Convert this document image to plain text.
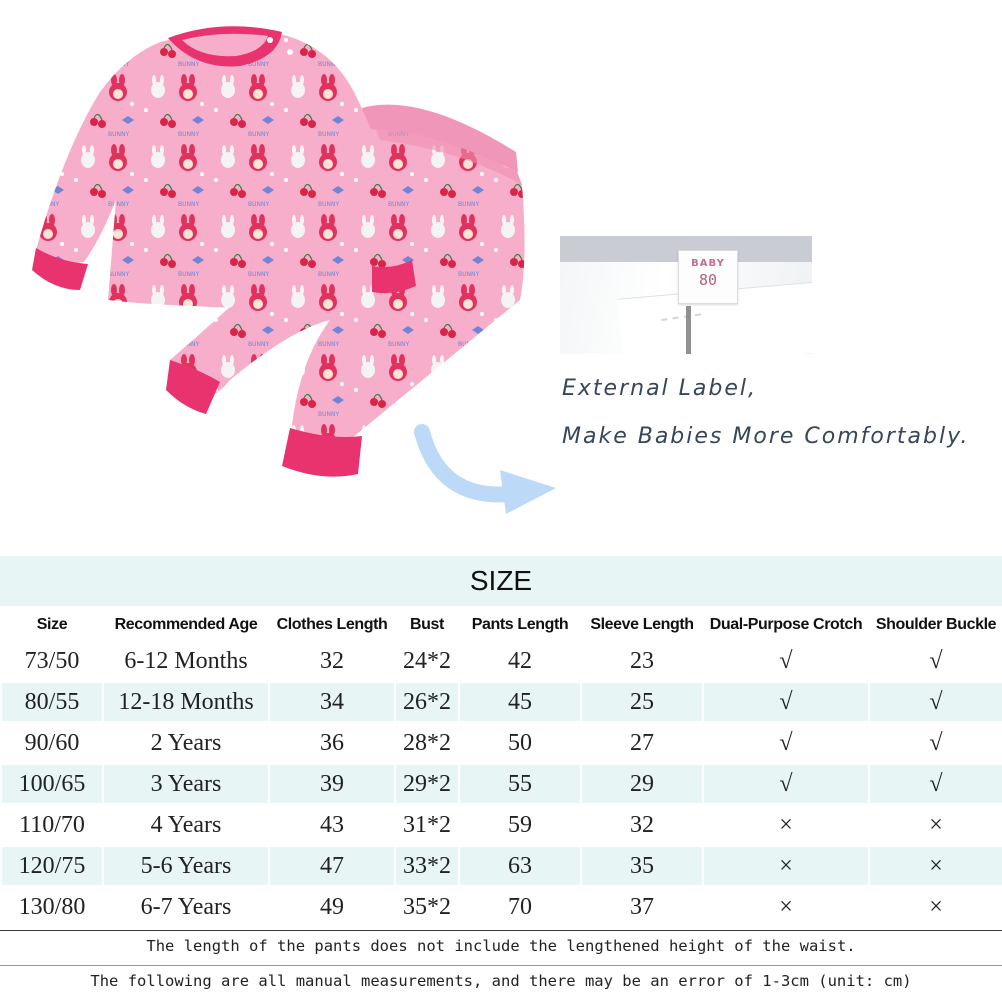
BABY
80
External Label,
Make Babies More Comfortably.
SIZE
Size	Recommended Age	Clothes Length	Bust	Pants Length	Sleeve Length	Dual-Purpose Crotch	Shoulder Buckle
73/50	6-12 Months	32	24*2	42	23	√	√
80/55	12-18 Months	34	26*2	45	25	√	√
90/60	2 Years	36	28*2	50	27	√	√
100/65	3 Years	39	29*2	55	29	√	√
110/70	4 Years	43	31*2	59	32	×	×
120/75	5-6 Years	47	33*2	63	35	×	×
130/80	6-7 Years	49	35*2	70	37	×	×
The length of the pants does not include the lengthened height of the waist.
The following are all manual measurements, and there may be an error of 1-3cm (unit: cm)
